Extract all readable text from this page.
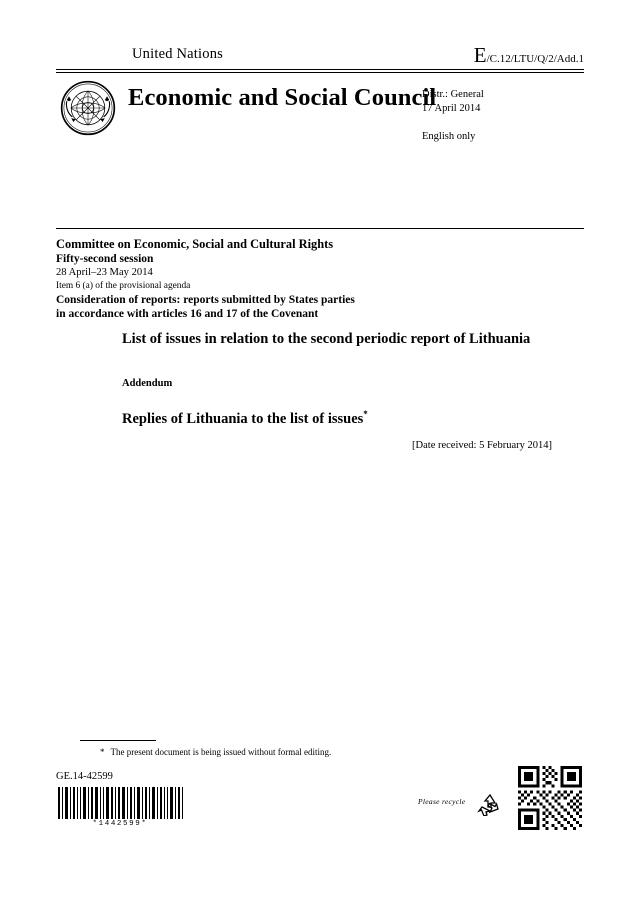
United Nations	E/C.12/LTU/Q/2/Add.1
Economic and Social Council
Distr.: General
17 April 2014
English only
Committee on Economic, Social and Cultural Rights
Fifty-second session
28 April–23 May 2014
Item 6 (a) of the provisional agenda
Consideration of reports: reports submitted by States parties
in accordance with articles 16 and 17 of the Covenant
List of issues in relation to the second periodic report of Lithuania
Addendum
Replies of Lithuania to the list of issues*
[Date received: 5 February 2014]
* The present document is being issued without formal editing.
GE.14-42599
*1442599*
Please recycle
